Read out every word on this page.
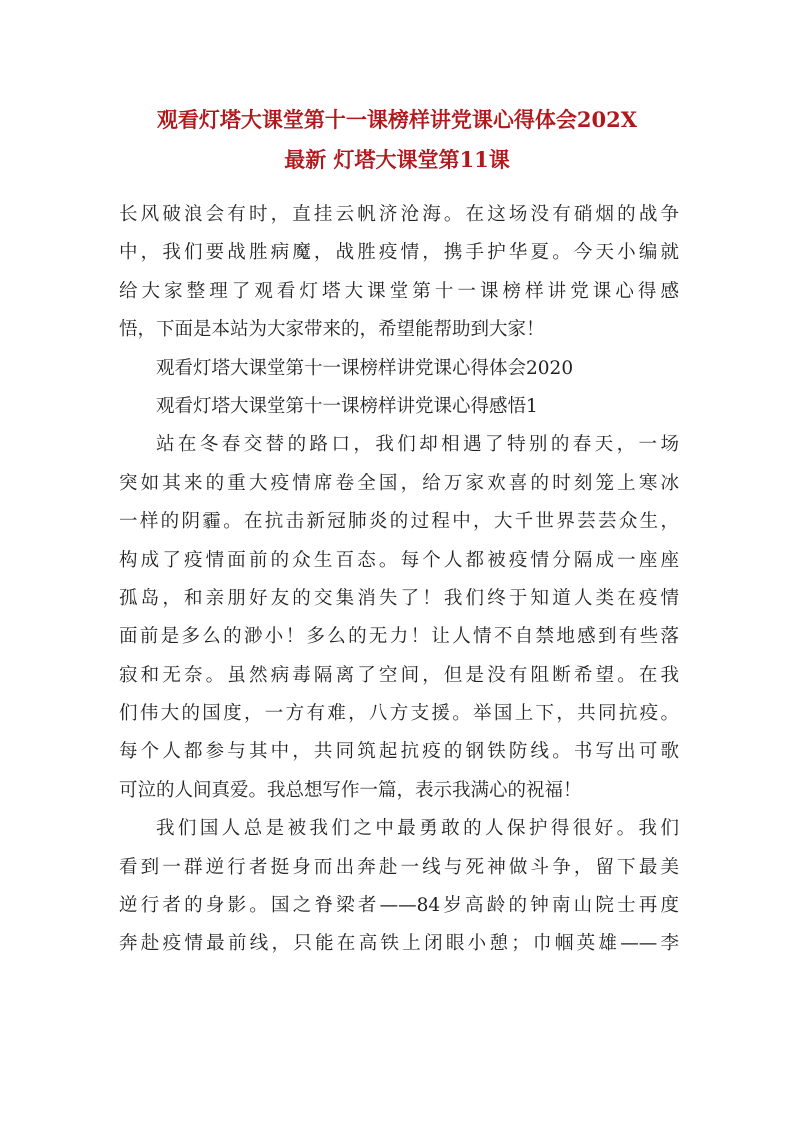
观看灯塔大课堂第十一课榜样讲党课心得体会202X
最新 灯塔大课堂第11课
长风破浪会有时，直挂云帆济沧海。在这场没有硝烟的战争
中，我们要战胜病魔，战胜疫情，携手护华夏。今天小编就
给大家整理了观看灯塔大课堂第十一课榜样讲党课心得感
悟，下面是本站为大家带来的，希望能帮助到大家！
观看灯塔大课堂第十一课榜样讲党课心得体会2020
观看灯塔大课堂第十一课榜样讲党课心得感悟1
站在冬春交替的路口，我们却相遇了特别的春天，一场
突如其来的重大疫情席卷全国，给万家欢喜的时刻笼上寒冰
一样的阴霾。在抗击新冠肺炎的过程中，大千世界芸芸众生，
构成了疫情面前的众生百态。每个人都被疫情分隔成一座座
孤岛，和亲朋好友的交集消失了！我们终于知道人类在疫情
面前是多么的渺小！多么的无力！让人情不自禁地感到有些落
寂和无奈。虽然病毒隔离了空间，但是没有阻断希望。在我
们伟大的国度，一方有难，八方支援。举国上下，共同抗疫。
每个人都参与其中，共同筑起抗疫的钢铁防线。书写出可歌
可泣的人间真爱。我总想写作一篇，表示我满心的祝福！
我们国人总是被我们之中最勇敢的人保护得很好。我们
看到一群逆行者挺身而出奔赴一线与死神做斗争，留下最美
逆行者的身影。国之脊梁者——84岁高龄的钟南山院士再度
奔赴疫情最前线，只能在高铁上闭眼小憩；巾帼英雄——李
